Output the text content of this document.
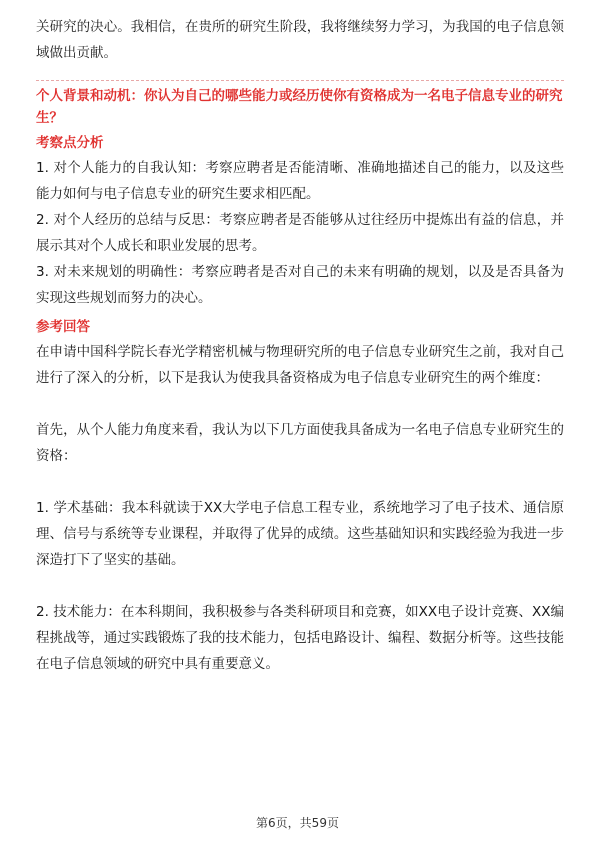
关研究的决心。我相信，在贵所的研究生阶段，我将继续努力学习，为我国的电子信息领域做出贡献。

个人背景和动机：你认为自己的哪些能力或经历使你有资格成为一名电子信息专业的研究生？

考察点分析

1. 对个人能力的自我认知：考察应聘者是否能清晰、准确地描述自己的能力，以及这些能力如何与电子信息专业的研究生要求相匹配。

2. 对个人经历的总结与反思：考察应聘者是否能够从过往经历中提炼出有益的信息，并展示其对个人成长和职业发展的思考。

3. 对未来规划的明确性：考察应聘者是否对自己的未来有明确的规划，以及是否具备为实现这些规划而努力的决心。

参考回答

在申请中国科学院长春光学精密机械与物理研究所的电子信息专业研究生之前，我对自己进行了深入的分析，以下是我认为使我具备资格成为电子信息专业研究生的两个维度：

首先，从个人能力角度来看，我认为以下几方面使我具备成为一名电子信息专业研究生的资格：

1. 学术基础：我本科就读于XX大学电子信息工程专业，系统地学习了电子技术、通信原理、信号与系统等专业课程，并取得了优异的成绩。这些基础知识和实践经验为我进一步深造打下了坚实的基础。

2. 技术能力：在本科期间，我积极参与各类科研项目和竞赛，如XX电子设计竞赛、XX编程挑战等，通过实践锻炼了我的技术能力，包括电路设计、编程、数据分析等。这些技能在电子信息领域的研究中具有重要意义。

第6页，共59页
